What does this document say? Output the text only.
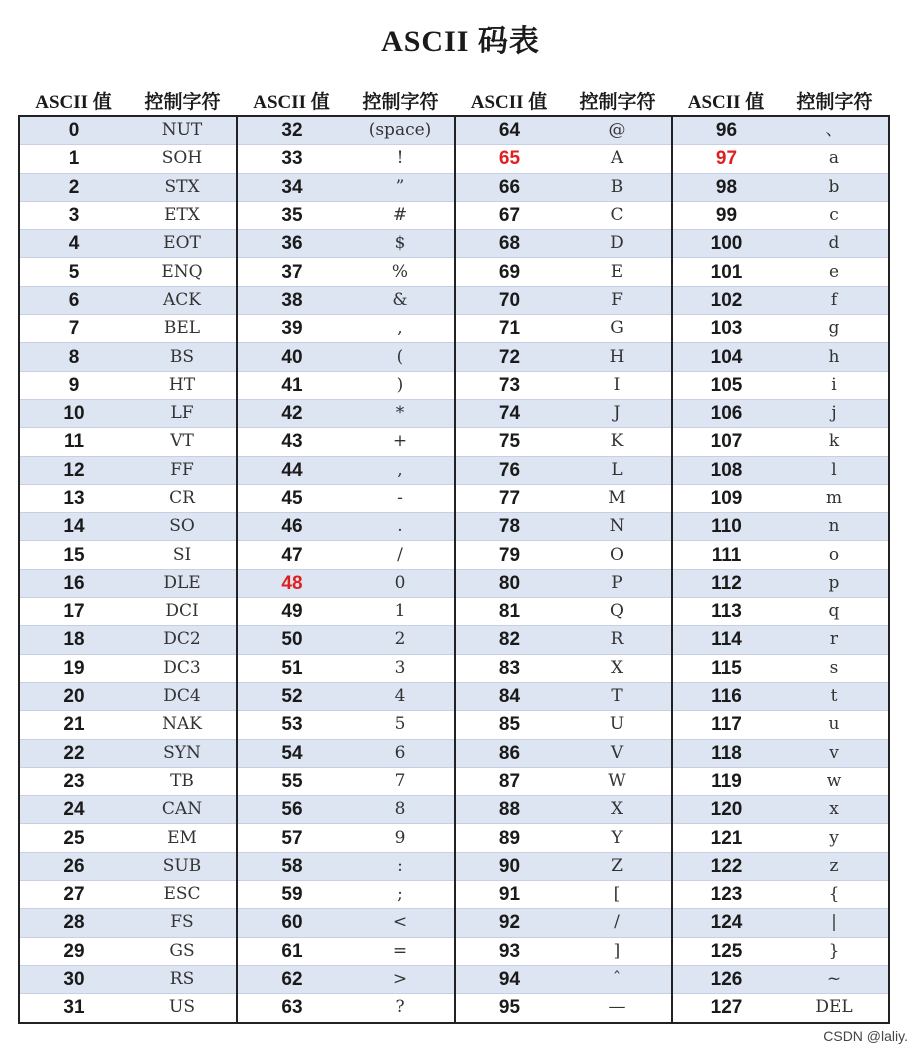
ASCII 码表
ASCII 值	控制字符	ASCII 值	控制字符	ASCII 值	控制字符	ASCII 值	控制字符
0	NUT	32	(space)	64	@	96	、
1	SOH	33	!	65	A	97	a
2	STX	34	”	66	B	98	b
3	ETX	35	#	67	C	99	c
4	EOT	36	$	68	D	100	d
5	ENQ	37	%	69	E	101	e
6	ACK	38	&	70	F	102	f
7	BEL	39	,	71	G	103	g
8	BS	40	(	72	H	104	h
9	HT	41	)	73	I	105	i
10	LF	42	*	74	J	106	j
11	VT	43	+	75	K	107	k
12	FF	44	,	76	L	108	l
13	CR	45	-	77	M	109	m
14	SO	46	.	78	N	110	n
15	SI	47	/	79	O	111	o
16	DLE	48	0	80	P	112	p
17	DCI	49	1	81	Q	113	q
18	DC2	50	2	82	R	114	r
19	DC3	51	3	83	X	115	s
20	DC4	52	4	84	T	116	t
21	NAK	53	5	85	U	117	u
22	SYN	54	6	86	V	118	v
23	TB	55	7	87	W	119	w
24	CAN	56	8	88	X	120	x
25	EM	57	9	89	Y	121	y
26	SUB	58	:	90	Z	122	z
27	ESC	59	;	91	[	123	{
28	FS	60	<	92	/	124	|
29	GS	61	=	93	]	125	}
30	RS	62	>	94	ˆ	126	~
31	US	63	?	95	—	127	DEL
CSDN @laliy.
